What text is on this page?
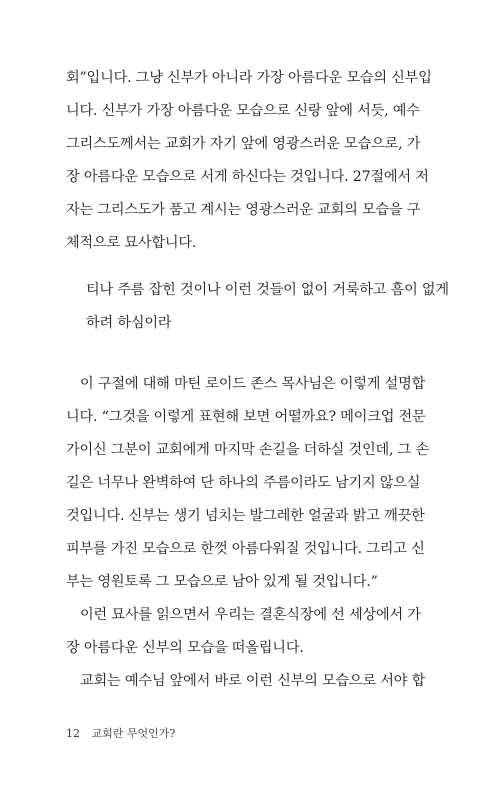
회”입니다. 그냥 신부가 아니라 가장 아름다운 모습의 신부입
니다. 신부가 가장 아름다운 모습으로 신랑 앞에 서듯, 예수
그리스도께서는 교회가 자기 앞에 영광스러운 모습으로, 가
장 아름다운 모습으로 서게 하신다는 것입니다. 27절에서 저
자는 그리스도가 품고 계시는 영광스러운 교회의 모습을 구
체적으로 묘사합니다.
티나 주름 잡힌 것이나 이런 것들이 없이 거룩하고 흠이 없게
하려 하심이라
이 구절에 대해 마틴 로이드 존스 목사님은 이렇게 설명합
니다. “그것을 이렇게 표현해 보면 어떨까요? 메이크업 전문
가이신 그분이 교회에게 마지막 손길을 더하실 것인데, 그 손
길은 너무나 완벽하여 단 하나의 주름이라도 남기지 않으실
것입니다. 신부는 생기 넘치는 발그레한 얼굴과 밝고 깨끗한
피부를 가진 모습으로 한껏 아름다워질 것입니다. 그리고 신
부는 영원토록 그 모습으로 남아 있게 될 것입니다.”
이런 묘사를 읽으면서 우리는 결혼식장에 선 세상에서 가
장 아름다운 신부의 모습을 떠올립니다.
교회는 예수님 앞에서 바로 이런 신부의 모습으로 서야 합
12 교회란 무엇인가?
